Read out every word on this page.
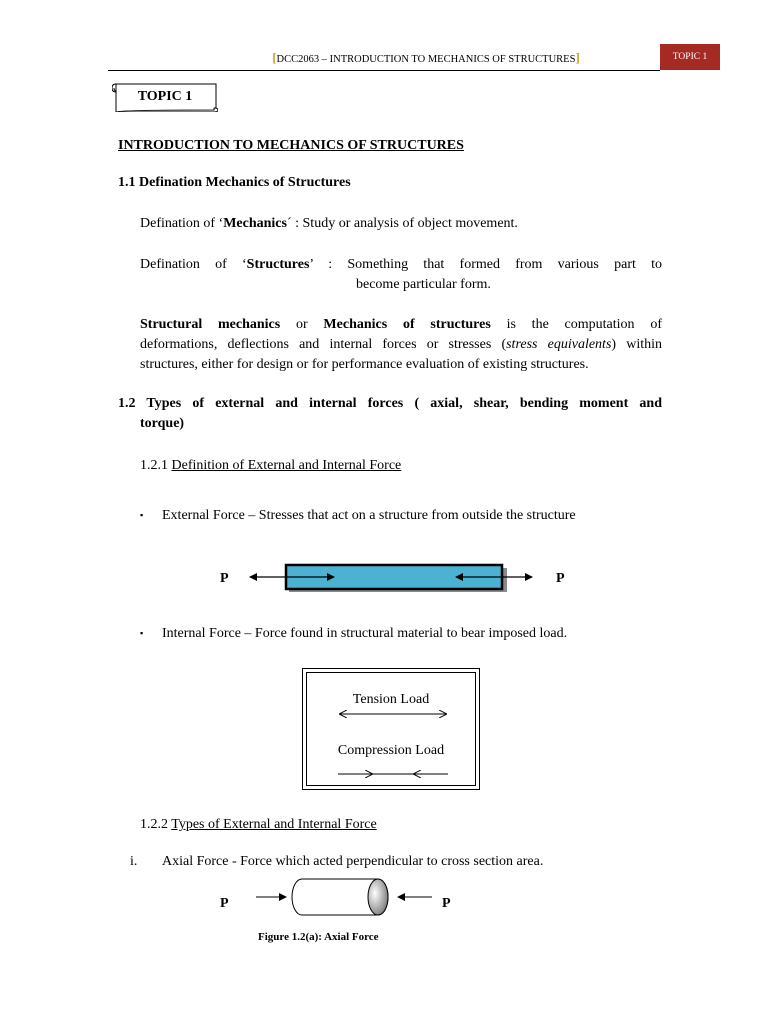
[DCC2063 – INTRODUCTION TO MECHANICS OF STRUCTURES]	TOPIC 1
TOPIC 1
INTRODUCTION TO MECHANICS OF STRUCTURES
1.1 Defination Mechanics of Structures
Defination of ‘Mechanics´ : Study or analysis of object movement.
Defination of ‘Structures’ : Something that formed from various part to
become particular form.
Structural mechanics or Mechanics of structures is the computation of
deformations, deflections and internal forces or stresses (stress equivalents) within
structures, either for design or for performance evaluation of existing structures.
1.2 Types of external and internal forces ( axial, shear, bending moment and
torque)
1.2.1 Definition of External and Internal Force
▪ External Force – Stresses that act on a structure from outside the structure
P	P
▪ Internal Force – Force found in structural material to bear imposed load.
Tension Load
Compression Load
1.2.2 Types of External and Internal Force
i. Axial Force - Force which acted perpendicular to cross section area.
P	P
Figure 1.2(a): Axial Force
